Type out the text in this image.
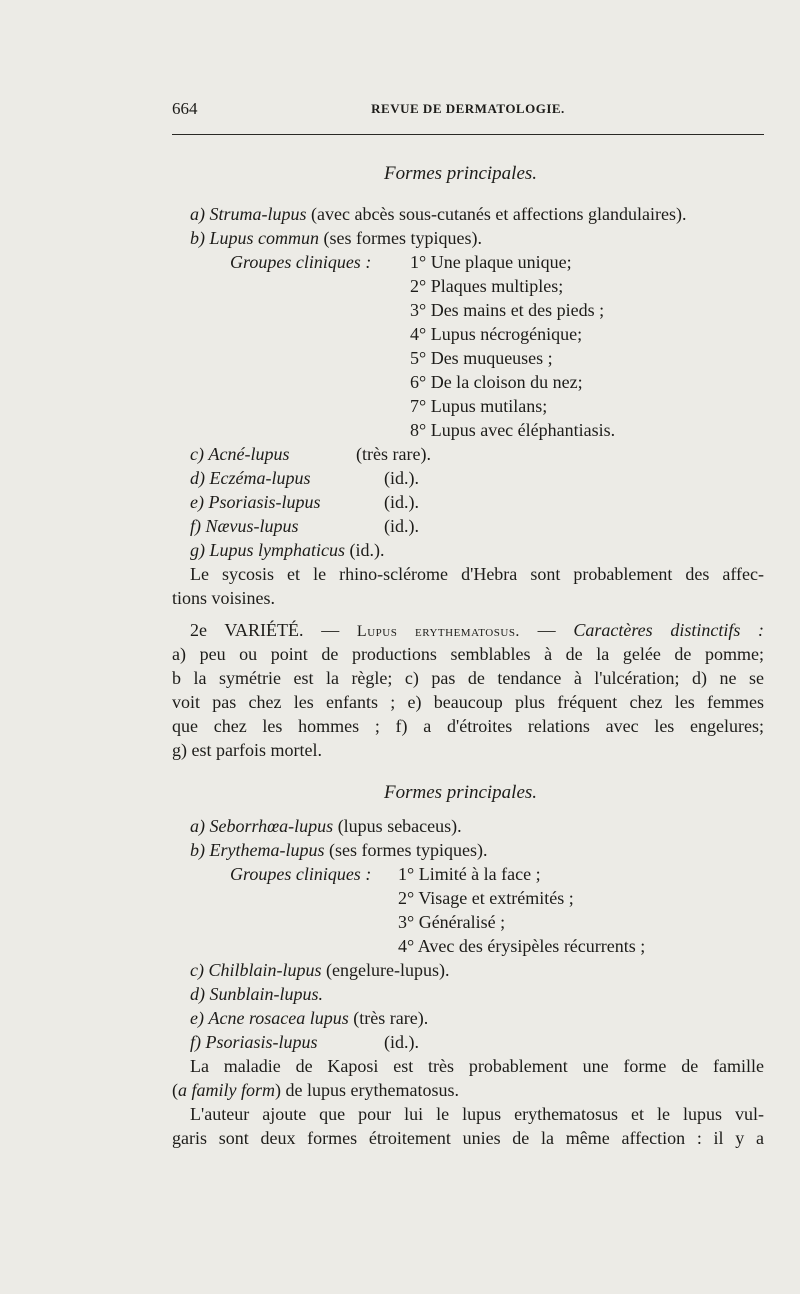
664	REVUE DE DERMATOLOGIE.
Formes principales.
a) Struma-lupus (avec abcès sous-cutanés et affections glandulaires).
b) Lupus commun (ses formes typiques).
Groupes cliniques : 1° Une plaque unique;
2° Plaques multiples;
3° Des mains et des pieds ;
4° Lupus nécrogénique;
5° Des muqueuses ;
6° De la cloison du nez;
7° Lupus mutilans;
8° Lupus avec éléphantiasis.
c) Acné-lupus	(très rare).
d) Eczéma-lupus	(id.).
e) Psoriasis-lupus	(id.).
f) Nævus-lupus	(id.).
g) Lupus lymphaticus (id.).
Le sycosis et le rhino-sclérome d'Hebra sont probablement des affec-
tions voisines.
2e VARIÉTÉ. — Lupus erythematosus. — Caractères distinctifs :
a) peu ou point de productions semblables à de la gelée de pomme;
b la symétrie est la règle; c) pas de tendance à l'ulcération; d) ne se
voit pas chez les enfants ; e) beaucoup plus fréquent chez les femmes
que chez les hommes ; f) a d'étroites relations avec les engelures;
g) est parfois mortel.
Formes principales.
a) Seborrhœa-lupus (lupus sebaceus).
b) Erythema-lupus (ses formes typiques).
Groupes cliniques : 1° Limité à la face ;
2° Visage et extrémités ;
3° Généralisé ;
4° Avec des érysipèles récurrents ;
c) Chilblain-lupus (engelure-lupus).
d) Sunblain-lupus.
e) Acne rosacea lupus (très rare).
f) Psoriasis-lupus	(id.).
La maladie de Kaposi est très probablement une forme de famille
(a family form) de lupus erythematosus.
L'auteur ajoute que pour lui le lupus erythematosus et le lupus vul-
garis sont deux formes étroitement unies de la même affection : il y a
